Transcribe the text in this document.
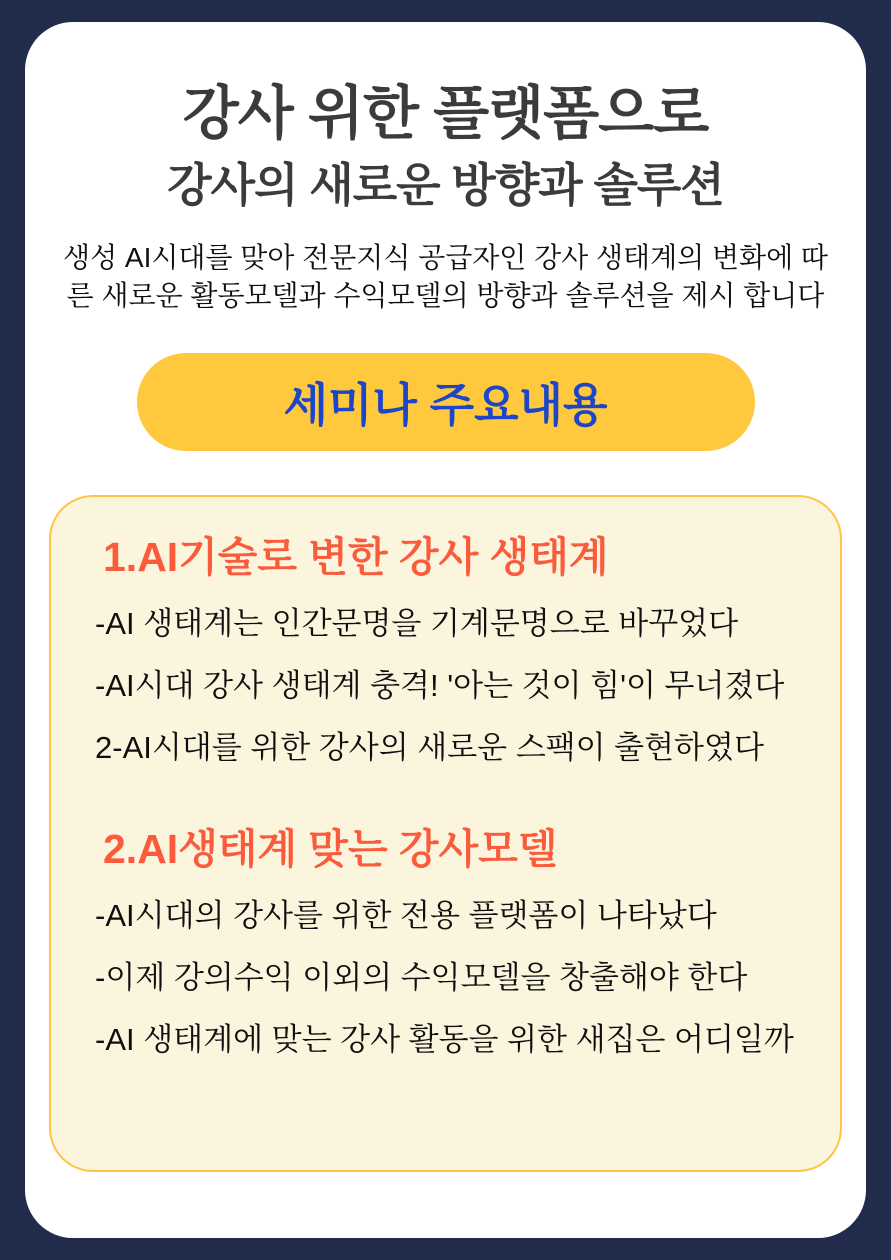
강사 위한 플랫폼으로
강사의 새로운 방향과 솔루션
생성 AI시대를 맞아 전문지식 공급자인 강사 생태계의 변화에 따
른 새로운 활동모델과 수익모델의 방향과 솔루션을 제시 합니다
세미나 주요내용
1.AI기술로 변한 강사 생태계
-AI 생태계는 인간문명을 기계문명으로 바꾸었다
-AI시대 강사 생태계 충격! '아는 것이 힘'이 무너졌다
2-AI시대를 위한 강사의 새로운 스팩이 출현하였다
2.AI생태계 맞는 강사모델
-AI시대의 강사를 위한 전용 플랫폼이 나타났다
-이제 강의수익 이외의 수익모델을 창출해야 한다
-AI 생태계에 맞는 강사 활동을 위한 새집은 어디일까
